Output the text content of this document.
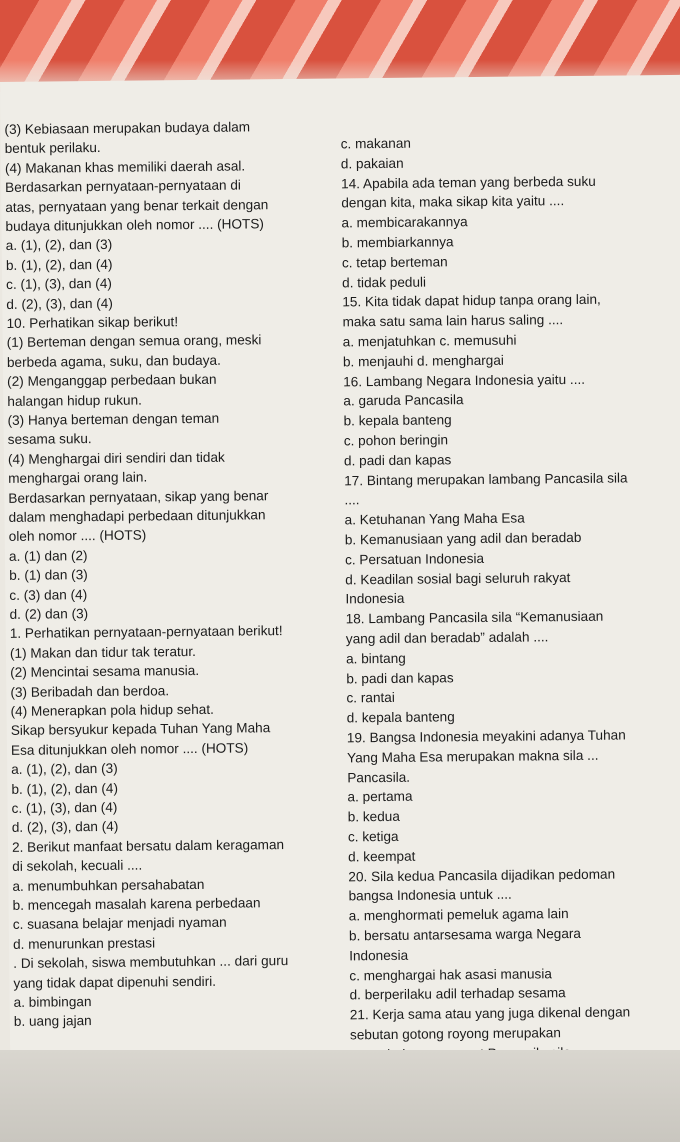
(3) Kebiasaan merupakan budaya dalam
bentuk perilaku.
(4) Makanan khas memiliki daerah asal.
Berdasarkan pernyataan-pernyataan di
atas, pernyataan yang benar terkait dengan
budaya ditunjukkan oleh nomor .... (HOTS)
a. (1), (2), dan (3)
b. (1), (2), dan (4)
c. (1), (3), dan (4)
d. (2), (3), dan (4)
10. Perhatikan sikap berikut!
(1) Berteman dengan semua orang, meski
berbeda agama, suku, dan budaya.
(2) Menganggap perbedaan bukan
halangan hidup rukun.
(3) Hanya berteman dengan teman
sesama suku.
(4) Menghargai diri sendiri dan tidak
menghargai orang lain.
Berdasarkan pernyataan, sikap yang benar
dalam menghadapi perbedaan ditunjukkan
oleh nomor .... (HOTS)
a. (1) dan (2)
b. (1) dan (3)
c. (3) dan (4)
d. (2) dan (3)
1. Perhatikan pernyataan-pernyataan berikut!
(1) Makan dan tidur tak teratur.
(2) Mencintai sesama manusia.
(3) Beribadah dan berdoa.
(4) Menerapkan pola hidup sehat.
Sikap bersyukur kepada Tuhan Yang Maha
Esa ditunjukkan oleh nomor .... (HOTS)
a. (1), (2), dan (3)
b. (1), (2), dan (4)
c. (1), (3), dan (4)
d. (2), (3), dan (4)
2. Berikut manfaat bersatu dalam keragaman
di sekolah, kecuali ....
a. menumbuhkan persahabatan
b. mencegah masalah karena perbedaan
c. suasana belajar menjadi nyaman
d. menurunkan prestasi
. Di sekolah, siswa membutuhkan ... dari guru
yang tidak dapat dipenuhi sendiri.
a. bimbingan
b. uang jajan
c. makanan
d. pakaian
14. Apabila ada teman yang berbeda suku
dengan kita, maka sikap kita yaitu ....
a. membicarakannya
b. membiarkannya
c. tetap berteman
d. tidak peduli
15. Kita tidak dapat hidup tanpa orang lain,
maka satu sama lain harus saling ....
a. menjatuhkan c. memusuhi
b. menjauhi d. menghargai
16. Lambang Negara Indonesia yaitu ....
a. garuda Pancasila
b. kepala banteng
c. pohon beringin
d. padi dan kapas
17. Bintang merupakan lambang Pancasila sila
....
a. Ketuhanan Yang Maha Esa
b. Kemanusiaan yang adil dan beradab
c. Persatuan Indonesia
d. Keadilan sosial bagi seluruh rakyat
Indonesia
18. Lambang Pancasila sila “Kemanusiaan
yang adil dan beradab” adalah ....
a. bintang
b. padi dan kapas
c. rantai
d. kepala banteng
19. Bangsa Indonesia meyakini adanya Tuhan
Yang Maha Esa merupakan makna sila ...
Pancasila.
a. pertama
b. kedua
c. ketiga
d. keempat
20. Sila kedua Pancasila dijadikan pedoman
bangsa Indonesia untuk ....
a. menghormati pemeluk agama lain
b. bersatu antarsesama warga Negara
Indonesia
c. menghargai hak asasi manusia
d. berperilaku adil terhadap sesama
21. Kerja sama atau yang juga dikenal dengan
sebutan gotong royong merupakan
